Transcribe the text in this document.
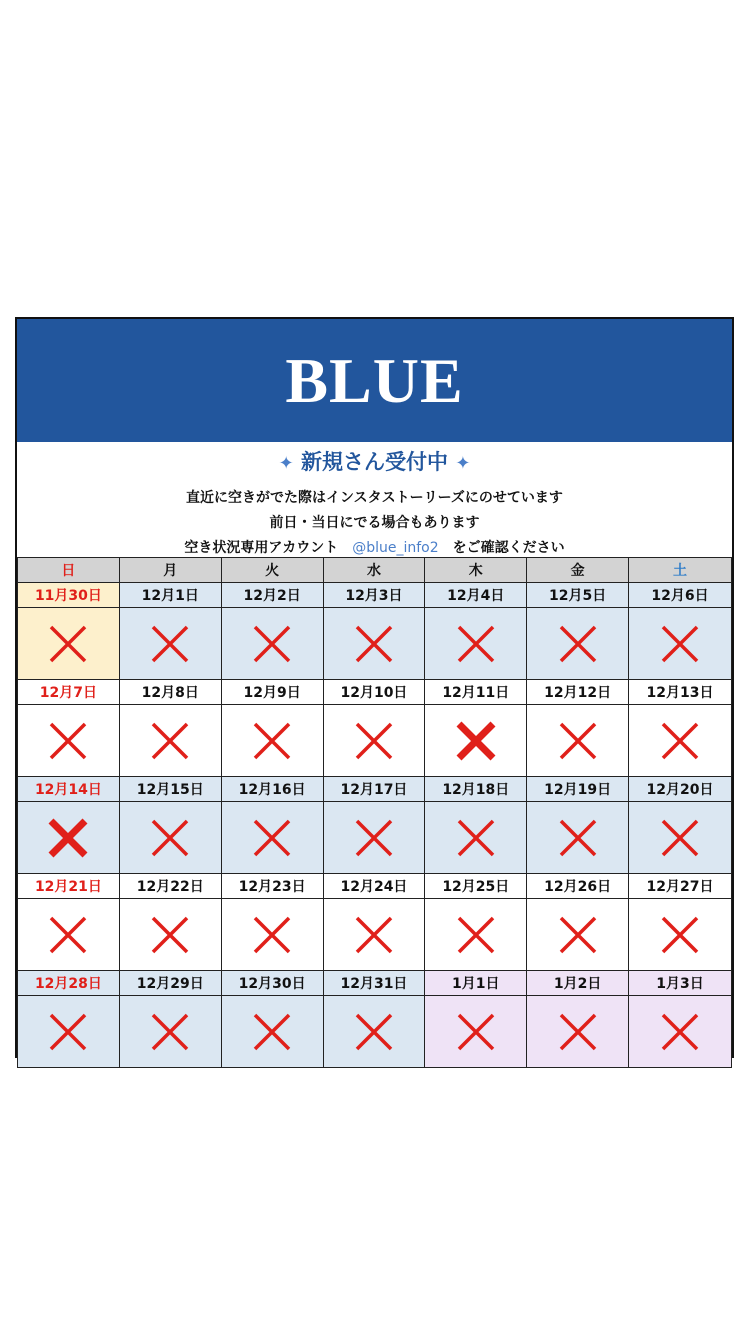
BLUE
✦ 新規さん受付中 ✦
直近に空きがでた際はインスタストーリーズにのせています
前日・当日にでる場合もあります
空き状況専用アカウント @blue_info2 をご確認ください
日	月	火	水	木	金	土
11月30日	12月1日	12月2日	12月3日	12月4日	12月5日	12月6日

12月7日	12月8日	12月9日	12月10日	12月11日	12月12日	12月13日

12月14日	12月15日	12月16日	12月17日	12月18日	12月19日	12月20日

12月21日	12月22日	12月23日	12月24日	12月25日	12月26日	12月27日

12月28日	12月29日	12月30日	12月31日	1月1日	1月2日	1月3日
